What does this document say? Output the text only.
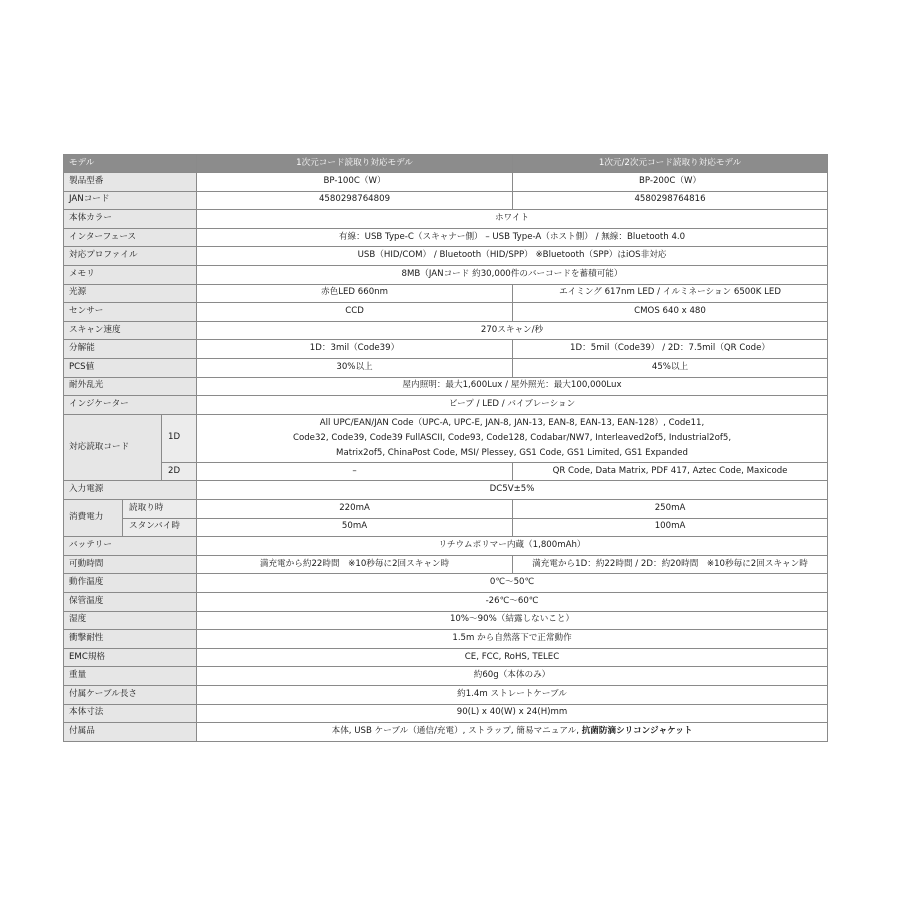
モデル			1次元コード読取り対応モデル	1次元/2次元コード読取り対応モデル
製品型番			BP-100C（W）	BP-200C（W）
JANコード			4580298764809	4580298764816
本体カラー			ホワイト	
インターフェース			有線：USB Type-C（スキャナー側） – USB Type-A（ホスト側） / 無線：Bluetooth 4.0	
対応プロファイル			USB（HID/COM） / Bluetooth（HID/SPP） ※Bluetooth（SPP）はiOS非対応	
メモリ			8MB（JANコード 約30,000件のバーコードを蓄積可能）	
光源			赤色LED 660nm	エイミング 617nm LED / イルミネーション 6500K LED
センサー			CCD	CMOS 640 x 480
スキャン速度			270スキャン/秒	
分解能			1D：3mil（Code39）	1D：5mil（Code39） / 2D：7.5mil（QR Code）
PCS値			30%以上	45%以上
耐外乱光			屋内照明：最大1,600Lux / 屋外照光：最大100,000Lux	
インジケーター			ビープ / LED / バイブレーション	
対応読取コード		1D	All UPC/EAN/JAN Code（UPC-A, UPC-E, JAN-8, JAN-13, EAN-8, EAN-13, EAN-128）, Code11,
Code32, Code39, Code39 FullASCII, Code93, Code128, Codabar/NW7, Interleaved2of5, Industrial2of5,
Matrix2of5, ChinaPost Code, MSI/ Plessey, GS1 Code, GS1 Limited, GS1 Expanded	

		2D	–	QR Code, Data Matrix, PDF 417, Aztec Code, Maxicode
入力電源			DC5V±5%	
消費電力	読取り時		220mA	250mA
	スタンバイ時		50mA	100mA
バッテリー			リチウムポリマー内蔵（1,800mAh）	
可動時間			満充電から約22時間　※10秒毎に2回スキャン時	満充電から1D：約22時間 / 2D：約20時間　※10秒毎に2回スキャン時
動作温度			0℃〜50℃	
保管温度			-26℃〜60℃	
湿度			10%〜90%（結露しないこと）	
衝撃耐性			1.5m から自然落下で正常動作	
EMC規格			CE, FCC, RoHS, TELEC	
重量			約60g（本体のみ）	
付属ケーブル長さ			約1.4m ストレートケーブル	
本体寸法			90(L) x 40(W) x 24(H)mm	
付属品			本体, USB ケーブル（通信/充電）, ストラップ, 簡易マニュアル, 抗菌防滴シリコンジャケット	
